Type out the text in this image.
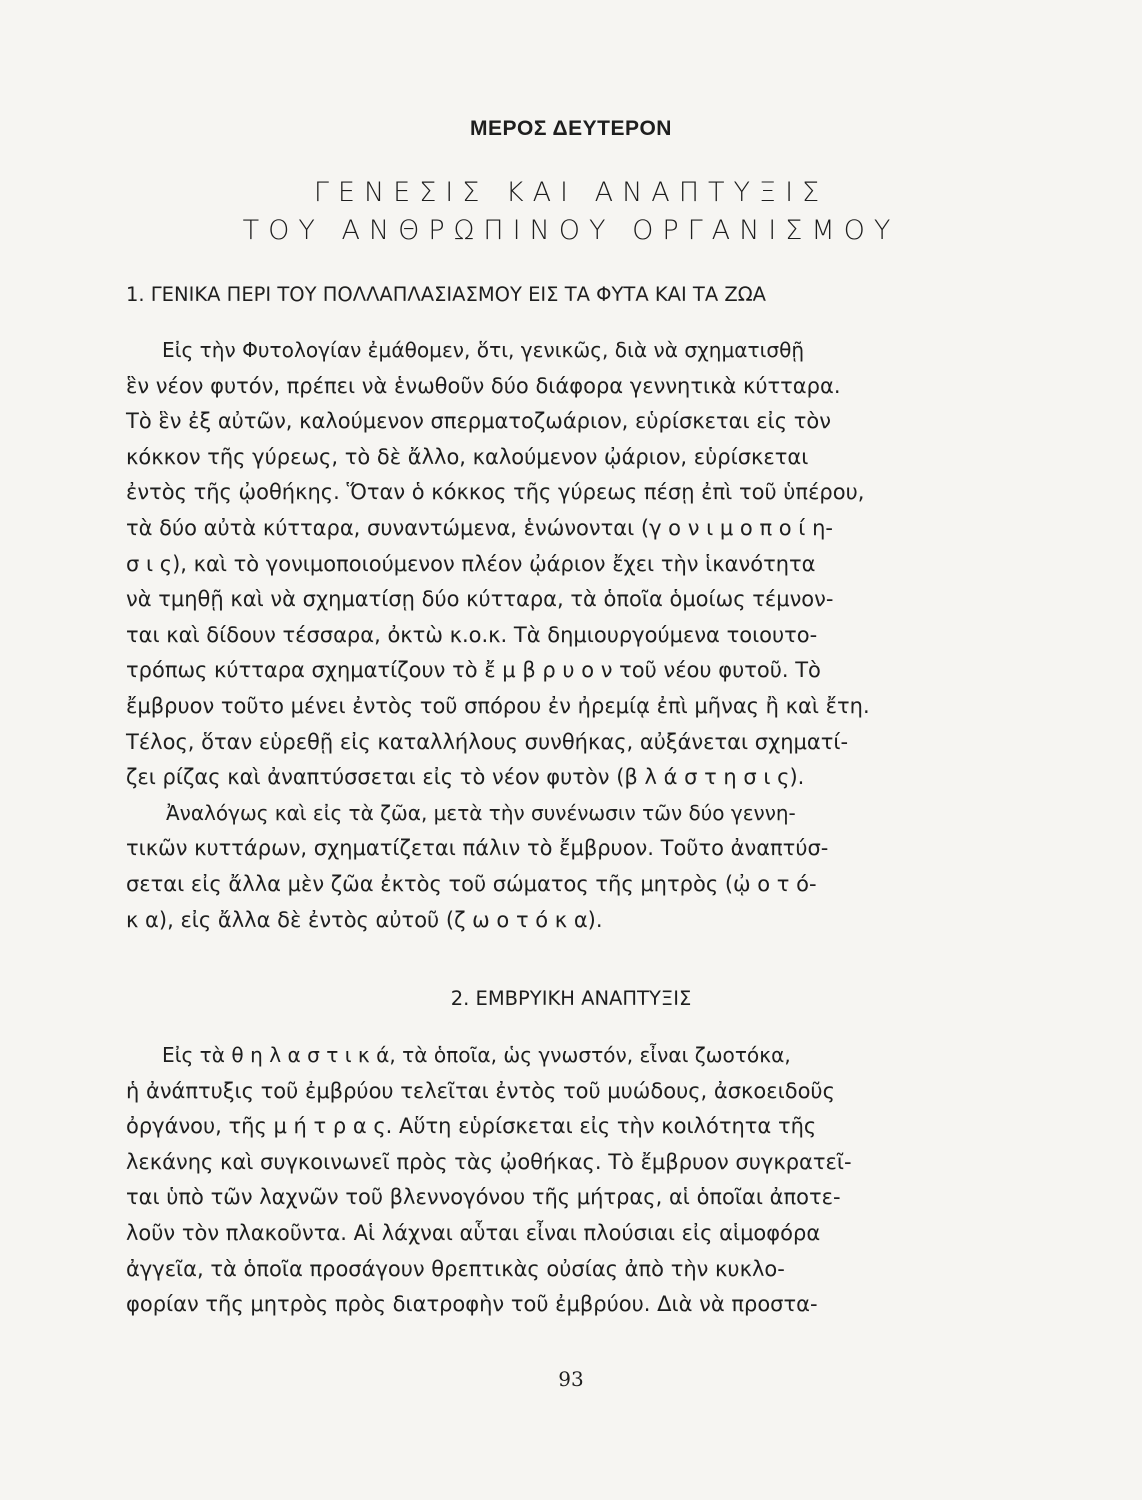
ΜΕΡΟΣ ΔΕΥΤΕΡΟΝ
ΓΕΝΕΣΙΣ ΚΑΙ ΑΝΑΠΤΥΞΙΣ
ΤΟΥ ΑΝΘΡΩΠΙΝΟΥ ΟΡΓΑΝΙΣΜΟΥ
1. ΓΕΝΙΚΑ ΠΕΡΙ ΤΟΥ ΠΟΛΛΑΠΛΑΣΙΑΣΜΟΥ ΕΙΣ ΤΑ ΦΥΤΑ ΚΑΙ ΤΑ ΖΩΑ
Εἰς τὴν Φυτολογίαν ἐμάθομεν, ὅτι, γενικῶς, διὰ νὰ σχηματισθῇ
ἓν νέον φυτόν, πρέπει νὰ ἑνωθοῦν δύο διάφορα γεννητικὰ κύτταρα.
Τὸ ἓν ἐξ αὐτῶν, καλούμενον σπερματοζωάριον, εὑρίσκεται εἰς τὸν
κόκκον τῆς γύρεως, τὸ δὲ ἄλλο, καλούμενον ᾠάριον, εὑρίσκεται
ἐντὸς τῆς ᾠοθήκης. Ὅταν ὁ κόκκος τῆς γύρεως πέσῃ ἐπὶ τοῦ ὑπέρου,
τὰ δύο αὐτὰ κύτταρα, συναντώμενα, ἑνώνονται (γ ο ν ι μ ο π ο ί η-
σ ι ς), καὶ τὸ γονιμοποιούμενον πλέον ᾠάριον ἔχει τὴν ἱκανότητα
νὰ τμηθῇ καὶ νὰ σχηματίσῃ δύο κύτταρα, τὰ ὁποῖα ὁμοίως τέμνον-
ται καὶ δίδουν τέσσαρα, ὀκτὼ κ.ο.κ. Τὰ δημιουργούμενα τοιουτο-
τρόπως κύτταρα σχηματίζουν τὸ ἔ μ β ρ υ ο ν τοῦ νέου φυτοῦ. Τὸ
ἔμβρυον τοῦτο μένει ἐντὸς τοῦ σπόρου ἐν ἠρεμίᾳ ἐπὶ μῆνας ἢ καὶ ἔτη.
Τέλος, ὅταν εὑρεθῇ εἰς καταλλήλους συνθήκας, αὐξάνεται σχηματί-
ζει ρίζας καὶ ἀναπτύσσεται εἰς τὸ νέον φυτὸν (β λ ά σ τ η σ ι ς).
Ἀναλόγως καὶ εἰς τὰ ζῶα, μετὰ τὴν συνένωσιν τῶν δύο γεννη-
τικῶν κυττάρων, σχηματίζεται πάλιν τὸ ἔμβρυον. Τοῦτο ἀναπτύσ-
σεται εἰς ἄλλα μὲν ζῶα ἐκτὸς τοῦ σώματος τῆς μητρὸς (ᾠ ο τ ό-
κ α), εἰς ἄλλα δὲ ἐντὸς αὐτοῦ (ζ ω ο τ ό κ α).
2. ΕΜΒΡΥΙΚΗ ΑΝΑΠΤΥΞΙΣ
Εἰς τὰ θ η λ α σ τ ι κ ά, τὰ ὁποῖα, ὡς γνωστόν, εἶναι ζωοτόκα,
ἡ ἀνάπτυξις τοῦ ἐμβρύου τελεῖται ἐντὸς τοῦ μυώδους, ἀσκοειδοῦς
ὀργάνου, τῆς μ ή τ ρ α ς. Αὕτη εὑρίσκεται εἰς τὴν κοιλότητα τῆς
λεκάνης καὶ συγκοινωνεῖ πρὸς τὰς ᾠοθήκας. Τὸ ἔμβρυον συγκρατεῖ-
ται ὑπὸ τῶν λαχνῶν τοῦ βλεννογόνου τῆς μήτρας, αἱ ὁποῖαι ἀποτε-
λοῦν τὸν πλακοῦντα. Αἱ λάχναι αὗται εἶναι πλούσιαι εἰς αἱμοφόρα
ἀγγεῖα, τὰ ὁποῖα προσάγουν θρεπτικὰς οὐσίας ἀπὸ τὴν κυκλο-
φορίαν τῆς μητρὸς πρὸς διατροφὴν τοῦ ἐμβρύου. Διὰ νὰ προστα-
93
